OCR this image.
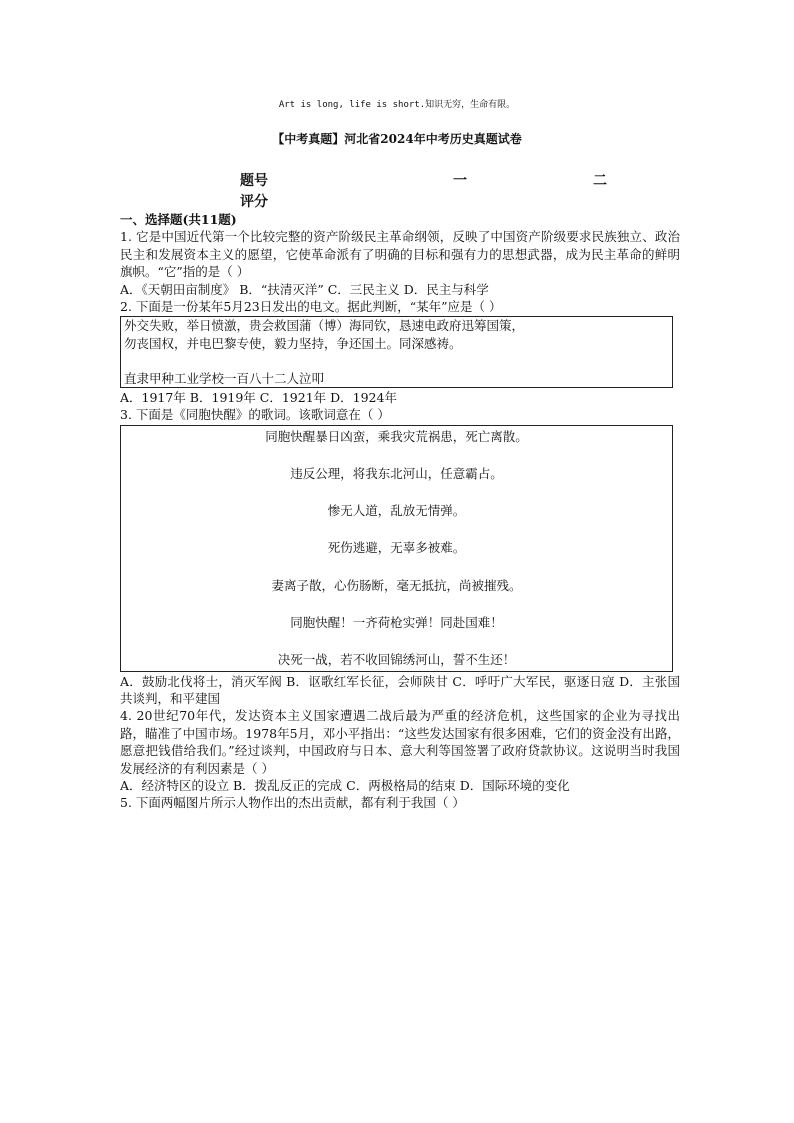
Art is long, life is short.知识无穷，生命有限。
【中考真题】河北省2024年中考历史真题试卷
题号	一	二
评分

一、选择题(共11题)

1. 它是中国近代第一个比较完整的资产阶级民主革命纲领，反映了中国资产阶级要求民族独立、政治民主和发展资本主义的愿望，它使革命派有了明确的目标和强有力的思想武器，成为民主革命的鲜明旗帜。“它”指的是（ ）

A．《天朝田亩制度》 B．“扶清灭洋” C．三民主义 D．民主与科学

2. 下面是一份某年5月23日发出的电文。据此判断，“某年”应是（ ）

外交失败，举日愤激，贵会救国蒲（博）海同钦，恳速电政府迅筹国策，

勿丧国权，并电巴黎专使，毅力坚持，争还国土。同深感祷。

直隶甲种工业学校一百八十二人泣叩

A．1917年 B．1919年 C．1921年 D．1924年

3. 下面是《同胞快醒》的歌词。该歌词意在（ ）

同胞快醒暴日凶蛮，乘我灾荒祸患，死亡离散。

违反公理，将我东北河山，任意霸占。

惨无人道，乱放无情弹。

死伤逃避，无辜多被难。

妻离子散，心伤肠断，毫无抵抗，尚被摧残。

同胞快醒！一齐荷枪实弹！同赴国难！

决死一战，若不收回锦绣河山，誓不生还！

A．鼓励北伐将士，消灭军阀 B．讴歌红军长征，会师陕甘 C．呼吁广大军民，驱逐日寇 D．主张国共谈判，和平建国

4. 20世纪70年代，发达资本主义国家遭遇二战后最为严重的经济危机，这些国家的企业为寻找出路，瞄准了中国市场。1978年5月，邓小平指出：“这些发达国家有很多困难，它们的资金没有出路，愿意把钱借给我们。”经过谈判，中国政府与日本、意大利等国签署了政府贷款协议。这说明当时我国发展经济的有利因素是（ ）

A．经济特区的设立 B．拨乱反正的完成 C．两极格局的结束 D．国际环境的变化

5. 下面两幅图片所示人物作出的杰出贡献，都有利于我国（ ）
